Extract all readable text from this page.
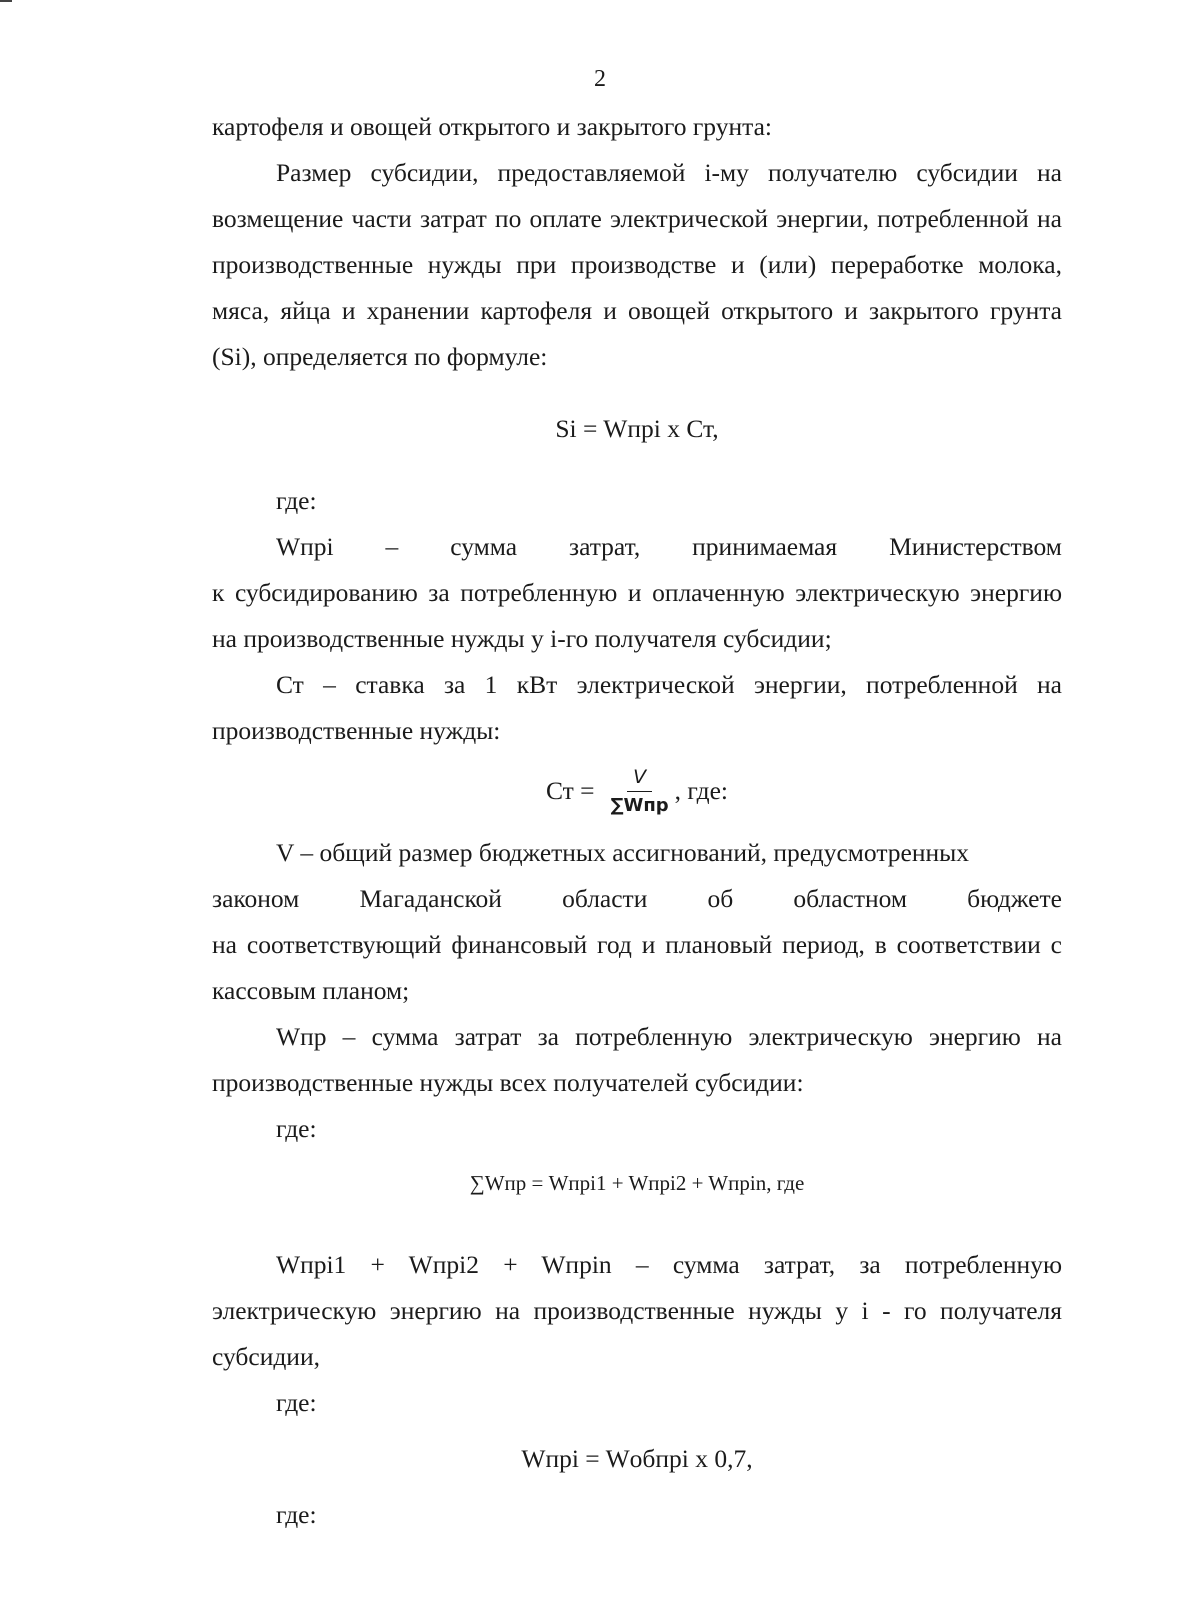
2

картофеля и овощей открытого и закрытого грунта:

Размер субсидии, предоставляемой i-му получателю субсидии на возмещение части затрат по оплате электрической энергии, потребленной на производственные нужды при производстве и (или) переработке молока, мяса, яйца и хранении картофеля и овощей открытого и закрытого грунта (Si), определяется по формуле:

Si = Wпрi х Ст,

где:

Wпрi – сумма затрат, принимаемая Министерством

к субсидированию за потребленную и оплаченную электрическую энергию на производственные нужды у i-го получателя субсидии;

Ст – ставка за 1 кВт электрической энергии, потребленной на производственные нужды:

Ст = $\frac{V}{\text{∑Wпр}}$ , где:

V – общий размер бюджетных ассигнований, предусмотренных

законом Магаданской области об областном бюджете

на соответствующий финансовый год и плановый период, в соответствии с кассовым планом;

Wпр – сумма затрат за потребленную электрическую энергию на производственные нужды всех получателей субсидии:

где:

∑Wпр = Wпрi1 + Wпрi2 + Wпрin, где

Wпрi1 + Wпрi2 + Wпрin – сумма затрат, за потребленную электрическую энергию на производственные нужды у i - го получателя субсидии,

где:

Wпрi = Wобпрi х 0,7,

где:
